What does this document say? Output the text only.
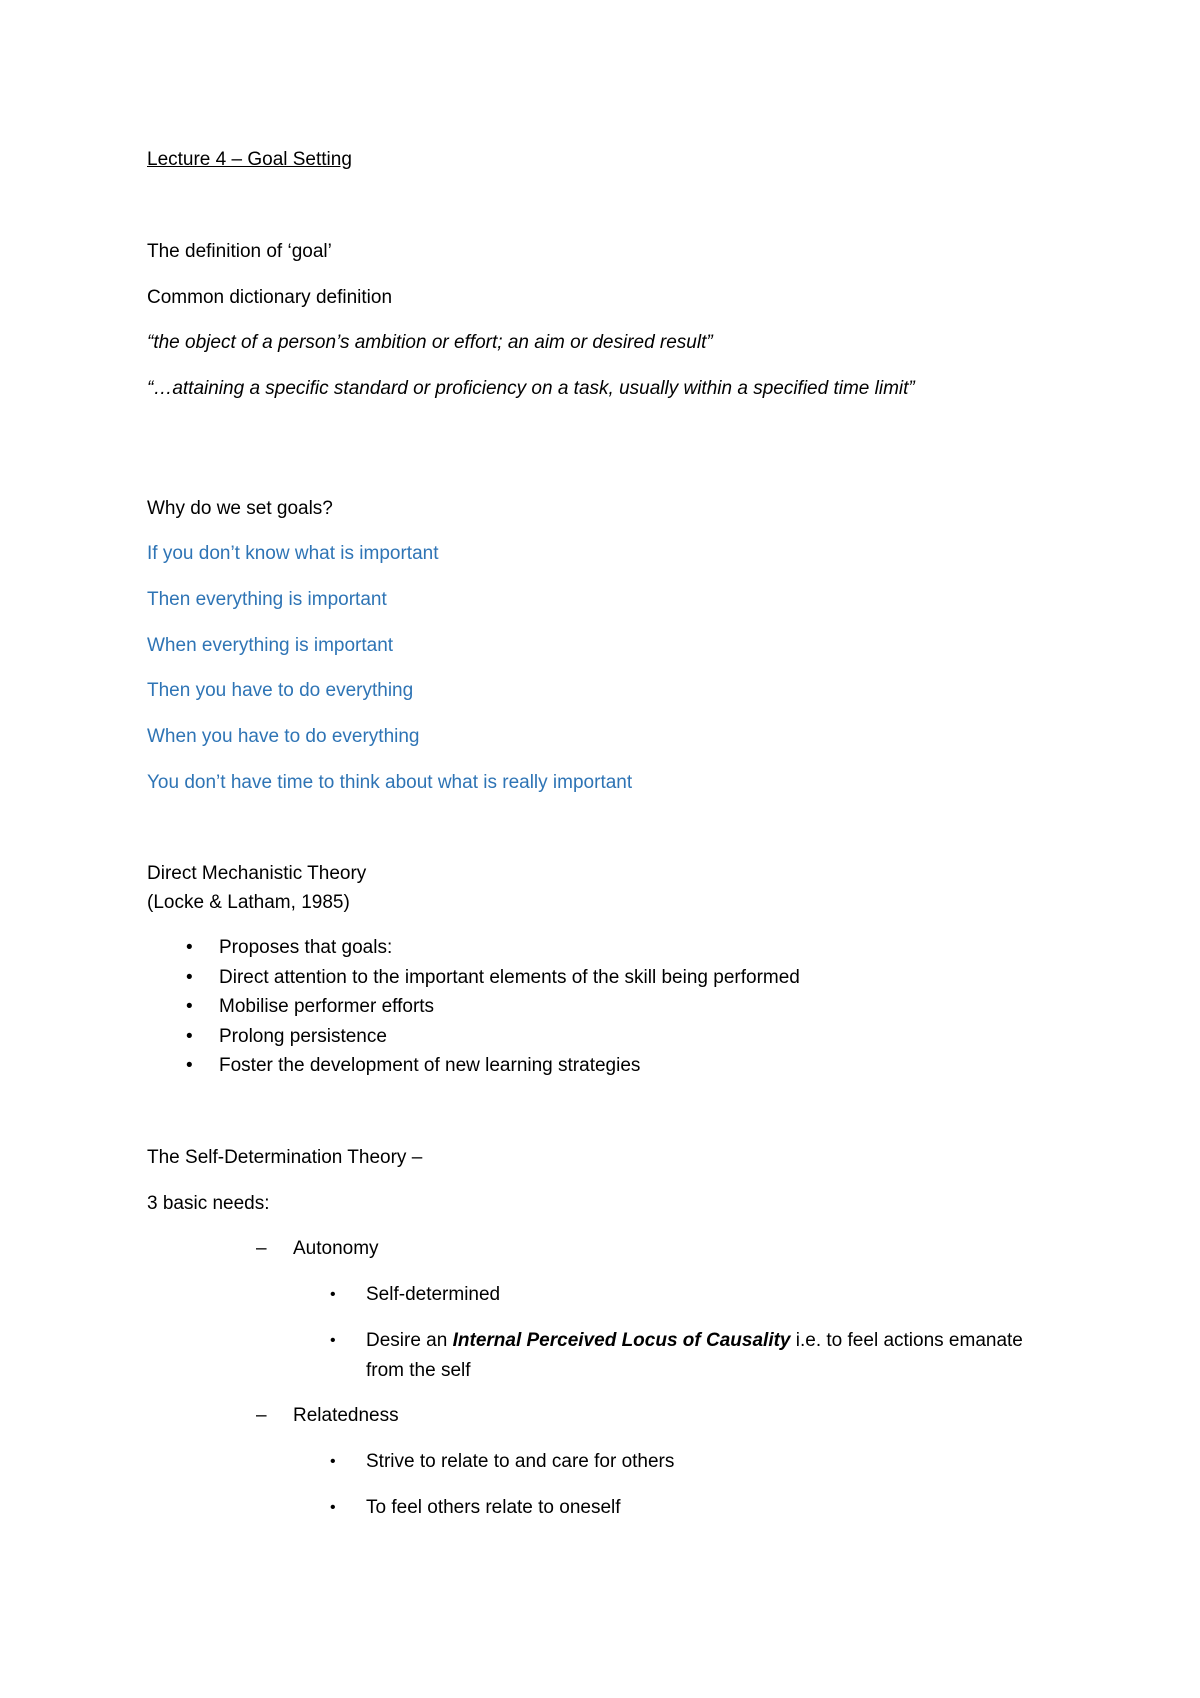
Lecture 4 – Goal Setting
The definition of ‘goal’
Common dictionary definition
“the object of a person’s ambition or effort; an aim or desired result”
“…attaining a specific standard or proficiency on a task, usually within a specified time limit”
Why do we set goals?
If you don’t know what is important
Then everything is important
When everything is important
Then you have to do everything
When you have to do everything
You don’t have time to think about what is really important
Direct Mechanistic Theory
(Locke & Latham, 1985)
• Proposes that goals:
• Direct attention to the important elements of the skill being performed
• Mobilise performer efforts
• Prolong persistence
• Foster the development of new learning strategies
The Self-Determination Theory –
3 basic needs:
– Autonomy
• Self-determined
• Desire an Internal Perceived Locus of Causality i.e. to feel actions emanate
from the self
– Relatedness
• Strive to relate to and care for others
• To feel others relate to oneself
